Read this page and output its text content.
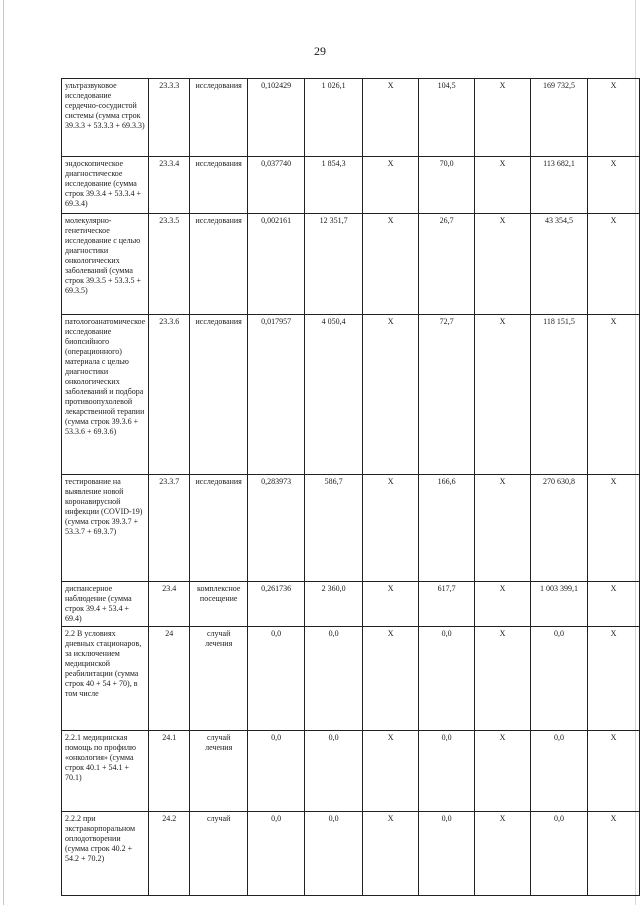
29
ультразвуковое исследование сердечно-сосудистой системы (сумма строк 39.3.3 + 53.3.3 + 69.3.3)	23.3.3	исследования	0,102429	1 026,1	X	104,5	X	169 732,5	X
эндоскопическое диагностическое исследование (сумма строк 39.3.4 + 53.3.4 + 69.3.4)	23.3.4	исследования	0,037740	1 854,3	X	70,0	X	113 682,1	X
молекулярно-генетическое исследование с целью диагностики онкологических заболеваний (сумма строк 39.3.5 + 53.3.5 + 69.3.5)	23.3.5	исследования	0,002161	12 351,7	X	26,7	X	43 354,5	X
патологоанатомическое исследование биопсийного (операционного) материала с целью диагностики онкологических заболеваний и подбора противоопухолевой лекарственной терапии (сумма строк 39.3.6 + 53.3.6 + 69.3.6)	23.3.6	исследования	0,017957	4 050,4	X	72,7	X	118 151,5	X
тестирование на выявление новой коронавирусной инфекции (COVID-19) (сумма строк 39.3.7 + 53.3.7 + 69.3.7)	23.3.7	исследования	0,283973	586,7	X	166,6	X	270 630,8	X
диспансерное наблюдение (сумма строк 39.4 + 53.4 + 69.4)	23.4	комплексное посещение	0,261736	2 360,0	X	617,7	X	1 003 399,1	X
2.2 В условиях дневных стационаров, за исключением медицинской реабилитации (сумма строк 40 + 54 + 70), в том числе	24	случай лечения	0,0	0,0	X	0,0	X	0,0	X
2.2.1 медицинская помощь по профилю «онкология» (сумма строк 40.1 + 54.1 + 70.1)	24.1	случай лечения	0,0	0,0	X	0,0	X	0,0	X
2.2.2 при экстракорпоральном оплодотворении (сумма строк 40.2 + 54.2 + 70.2)	24.2	случай	0,0	0,0	X	0,0	X	0,0	X
